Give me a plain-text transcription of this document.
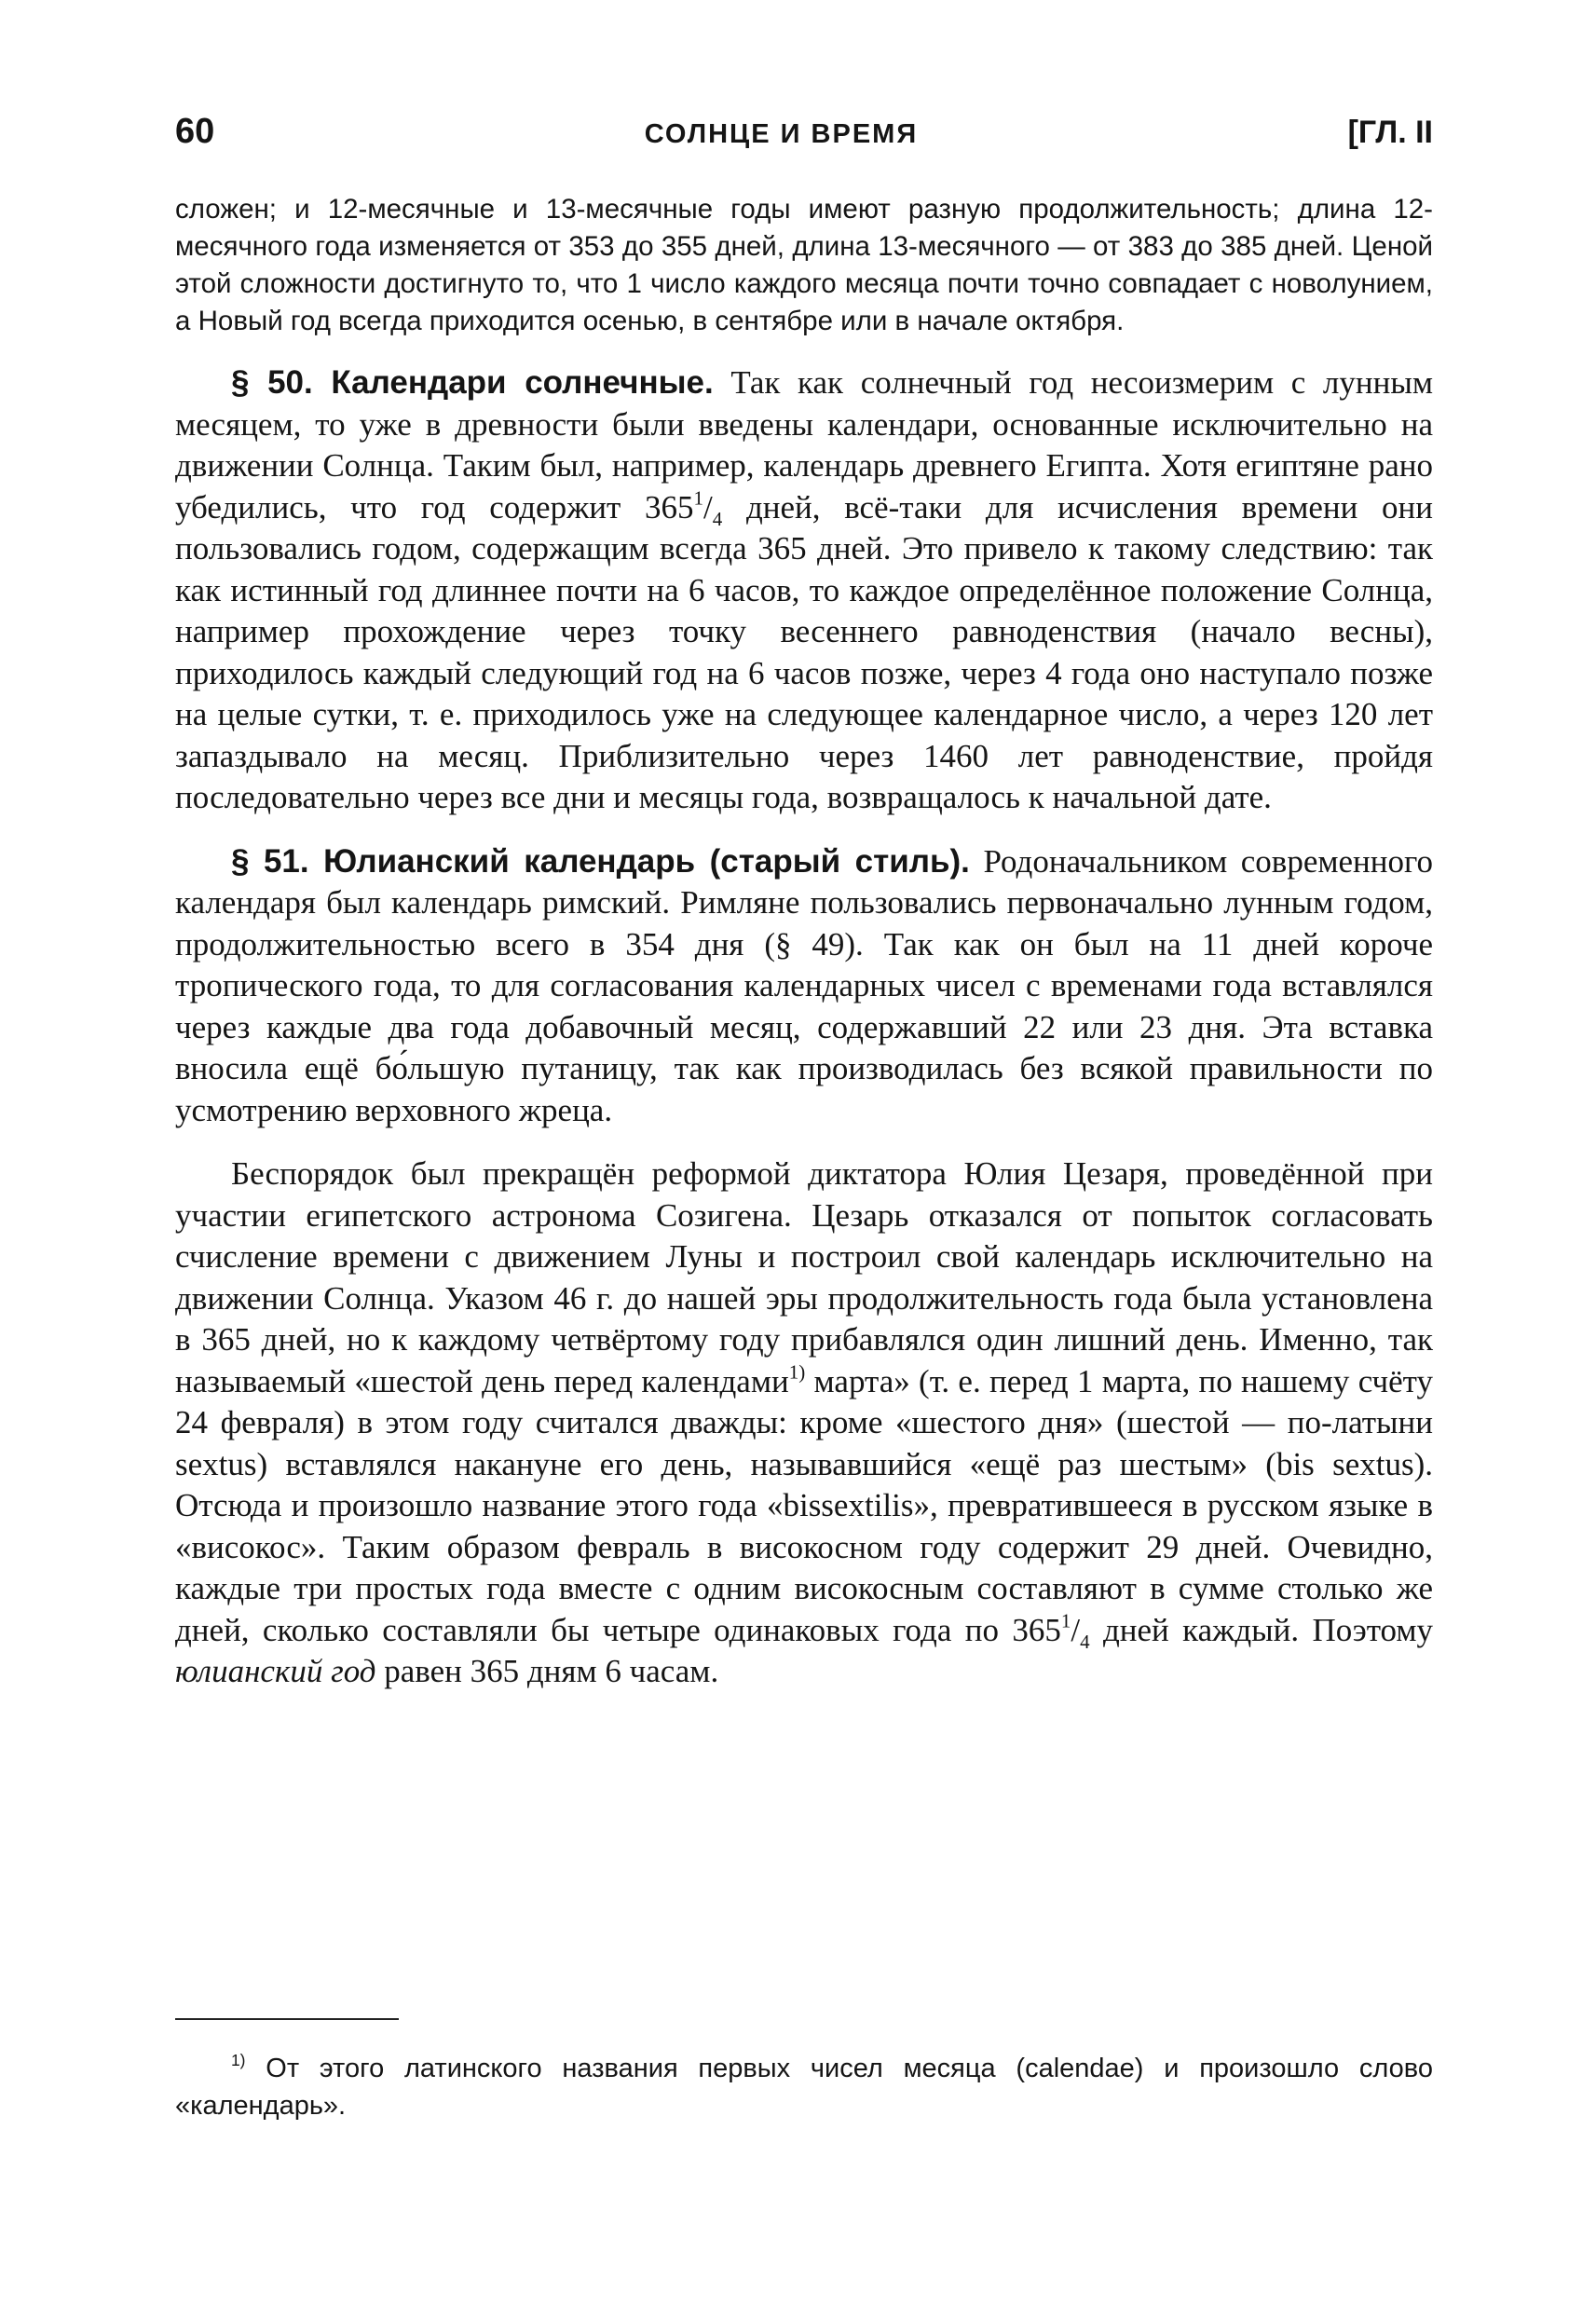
60	СОЛНЦЕ И ВРЕМЯ	[ГЛ. II
сложен; и 12-месячные и 13-месячные годы имеют разную продолжительность; длина 12-месячного года изменяется от 353 до 355 дней, длина 13-месячного — от 383 до 385 дней. Ценой этой сложности достигнуто то, что 1 число каждого месяца почти точно совпадает с новолунием, а Новый год всегда приходится осенью, в сентябре или в начале октября.

§ 50. Календари солнечные. Так как солнечный год несоизмерим с лунным месяцем, то уже в древности были введены календари, основанные исключительно на движении Солнца. Таким был, например, календарь древнего Египта. Хотя египтяне рано убедились, что год содержит $365^1/_4$ дней, всё-таки для исчисления времени они пользовались годом, содержащим всегда 365 дней. Это привело к такому следствию: так как истинный год длиннее почти на 6 часов, то каждое определённое положение Солнца, например прохождение через точку весеннего равноденствия (начало весны), приходилось каждый следующий год на 6 часов позже, через 4 года оно наступало позже на целые сутки, т. е. приходилось уже на следующее календарное число, а через 120 лет запаздывало на месяц. Приблизительно через 1460 лет равноденствие, пройдя последовательно через все дни и месяцы года, возвращалось к начальной дате.

§ 51. Юлианский календарь (старый стиль). Родоначальником современного календаря был календарь римский. Римляне пользовались первоначально лунным годом, продолжительностью всего в 354 дня (§ 49). Так как он был на 11 дней короче тропического года, то для согласования календарных чисел с временами года вставлялся через каждые два года добавочный месяц, содержавший 22 или 23 дня. Эта вставка вносила ещё бо́льшую путаницу, так как производилась без всякой правильности по усмотрению верховного жреца.

Беспорядок был прекращён реформой диктатора Юлия Цезаря, проведённой при участии египетского астронома Созигена. Цезарь отказался от попыток согласовать счисление времени с движением Луны и построил свой календарь исключительно на движении Солнца. Указом 46 г. до нашей эры продолжительность года была установлена в 365 дней, но к каждому четвёртому году прибавлялся один лишний день. Именно, так называемый «шестой день перед календами$^{1)}$ марта» (т. е. перед 1 марта, по нашему счёту 24 февраля) в этом году считался дважды: кроме «шестого дня» (шестой — по-латыни sextus) вставлялся накануне его день, называвшийся «ещё раз шестым» (bis sextus). Отсюда и произошло название этого года «bissextilis», превратившееся в русском языке в «високос». Таким образом февраль в високосном году содержит 29 дней. Очевидно, каждые три простых года вместе с одним високосным составляют в сумме столько же дней, сколько составляли бы четыре одинаковых года по $365^1/_4$ дней каждый. Поэтому юлианский год равен 365 дням 6 часам.

$^{1)}$ От этого латинского названия первых чисел месяца (calendae) и произошло слово «календарь».
